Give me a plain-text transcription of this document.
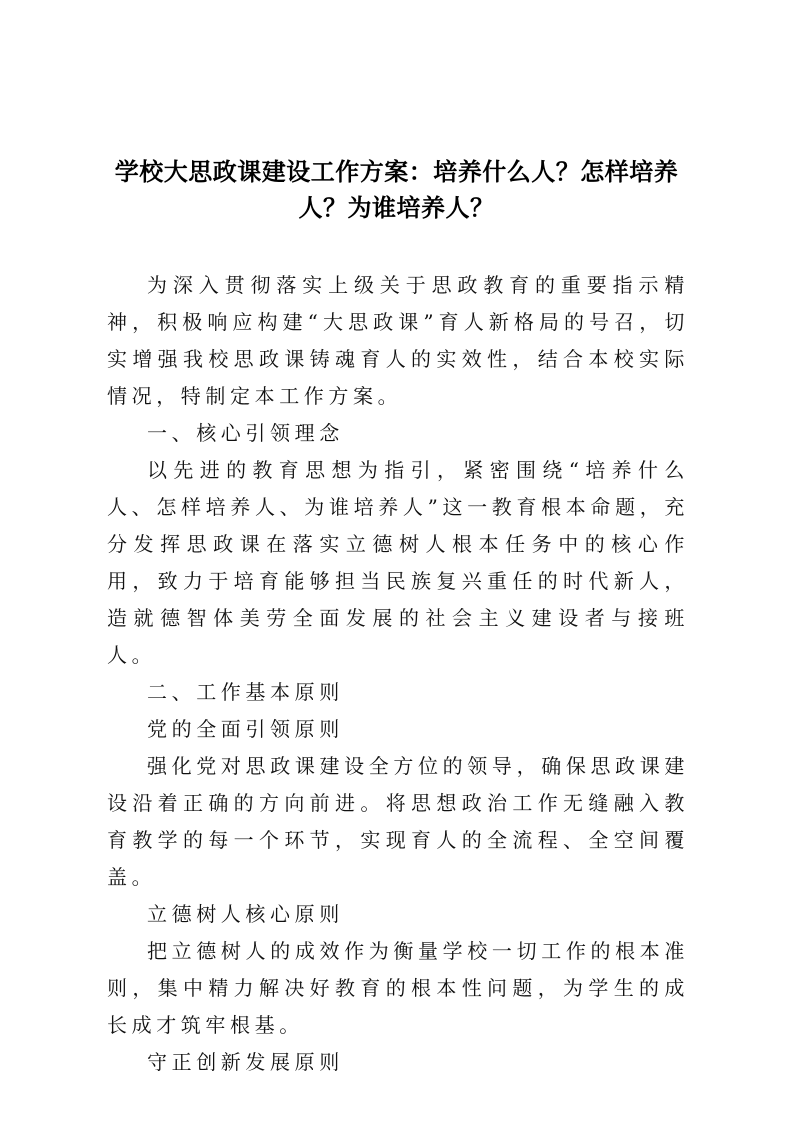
学校大思政课建设工作方案：培养什么人？怎样培养人？为谁培养人？

为深入贯彻落实上级关于思政教育的重要指示精神，积极响应构建“大思政课”育人新格局的号召，切实增强我校思政课铸魂育人的实效性，结合本校实际情况，特制定本工作方案。

一、核心引领理念

以先进的教育思想为指引，紧密围绕“培养什么人、怎样培养人、为谁培养人”这一教育根本命题，充分发挥思政课在落实立德树人根本任务中的核心作用，致力于培育能够担当民族复兴重任的时代新人，造就德智体美劳全面发展的社会主义建设者与接班人。

二、工作基本原则

党的全面引领原则

强化党对思政课建设全方位的领导，确保思政课建设沿着正确的方向前进。将思想政治工作无缝融入教育教学的每一个环节，实现育人的全流程、全空间覆盖。

立德树人核心原则

把立德树人的成效作为衡量学校一切工作的根本准则，集中精力解决好教育的根本性问题，为学生的成长成才筑牢根基。

守正创新发展原则
